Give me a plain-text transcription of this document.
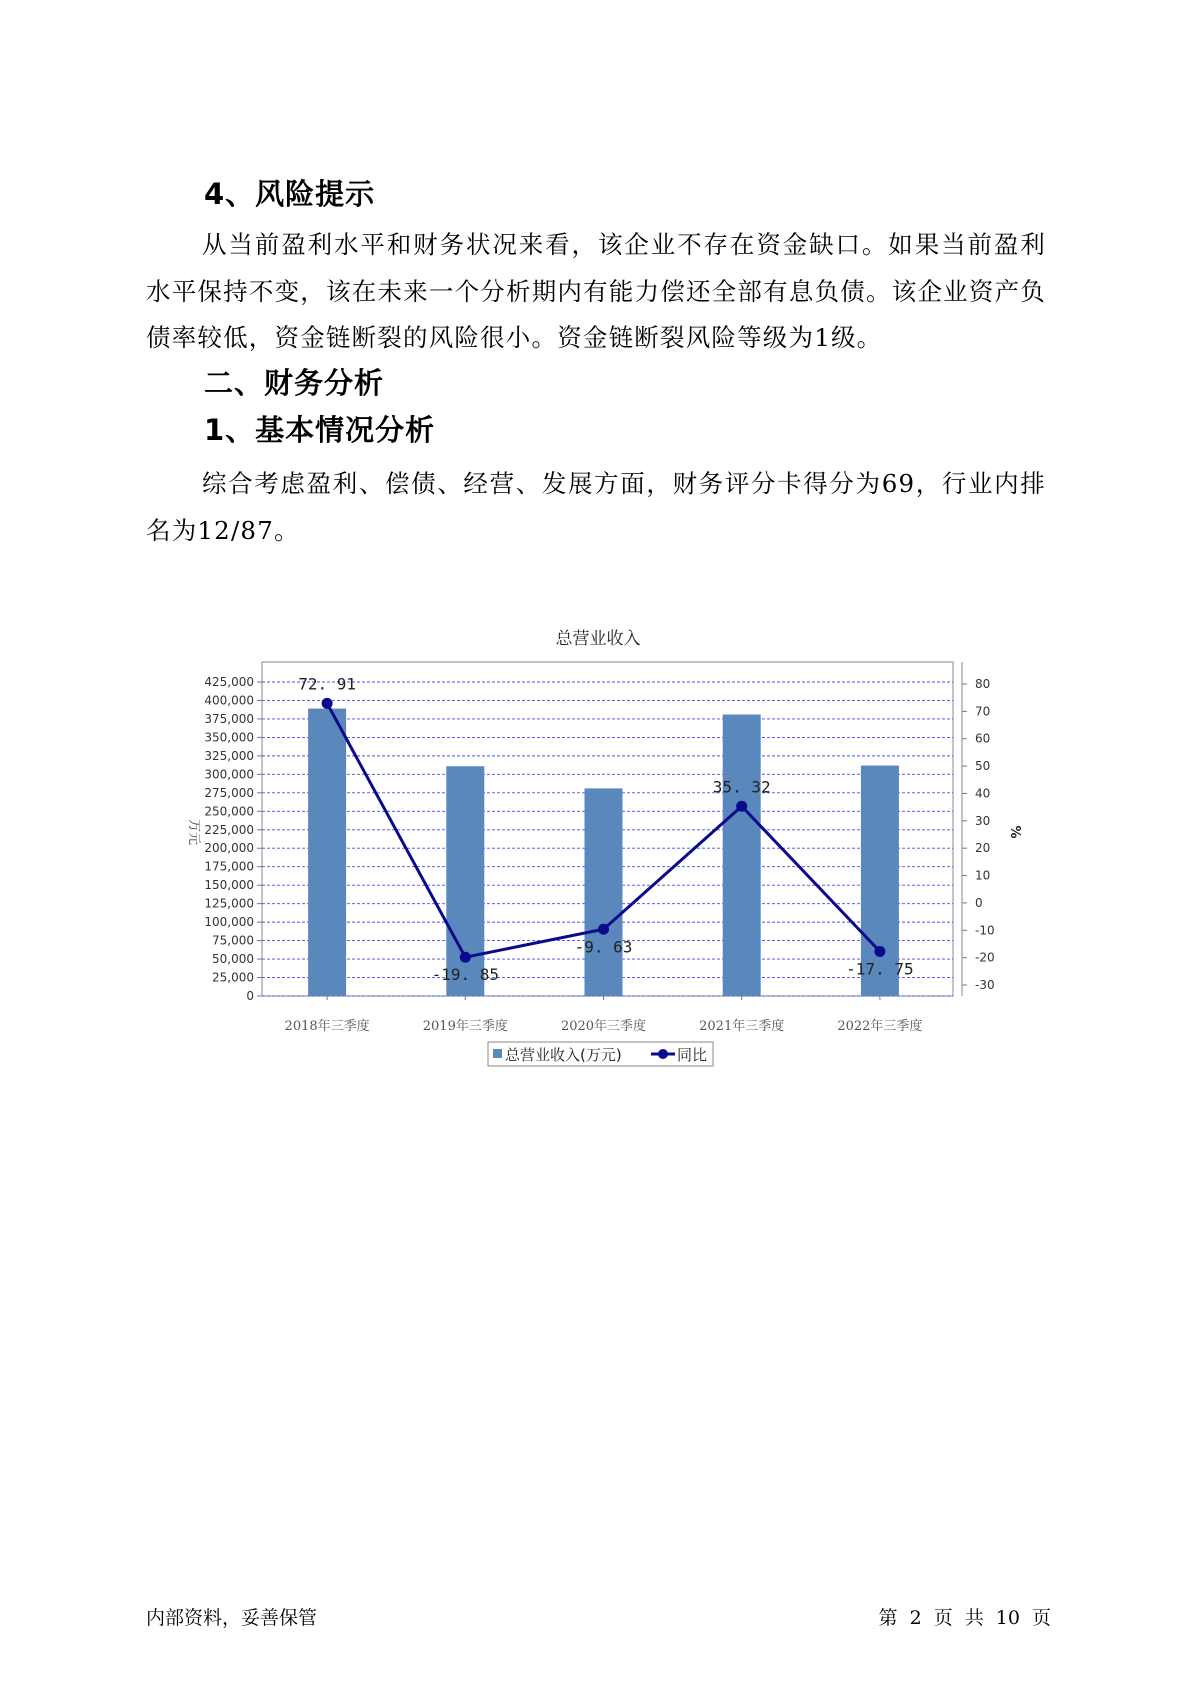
4、风险提示

从当前盈利水平和财务状况来看，该企业不存在资金缺口。如果当前盈利水平保持不变，该在未来一个分析期内有能力偿还全部有息负债。该企业资产负债率较低，资金链断裂的风险很小。资金链断裂风险等级为1级。

二、财务分析
1、基本情况分析

综合考虑盈利、偿债、经营、发展方面，财务评分卡得分为69，行业内排名为12/87。

总营业收入
0
25,000
50,000
75,000
100,000
125,000
150,000
175,000
200,000
225,000
250,000
275,000
300,000
325,000
350,000
375,000
400,000
425,000
-30
-20
-10
0
10
20
30
40
50
60
70
80
万元	%
2018年三季度	2019年三季度	2020年三季度	2021年三季度	2022年三季度
72. 91
-19. 85
-9. 63
35. 32
-17. 75
总营业收入(万元)	同比
内部资料，妥善保管	第 2 页 共 10 页
